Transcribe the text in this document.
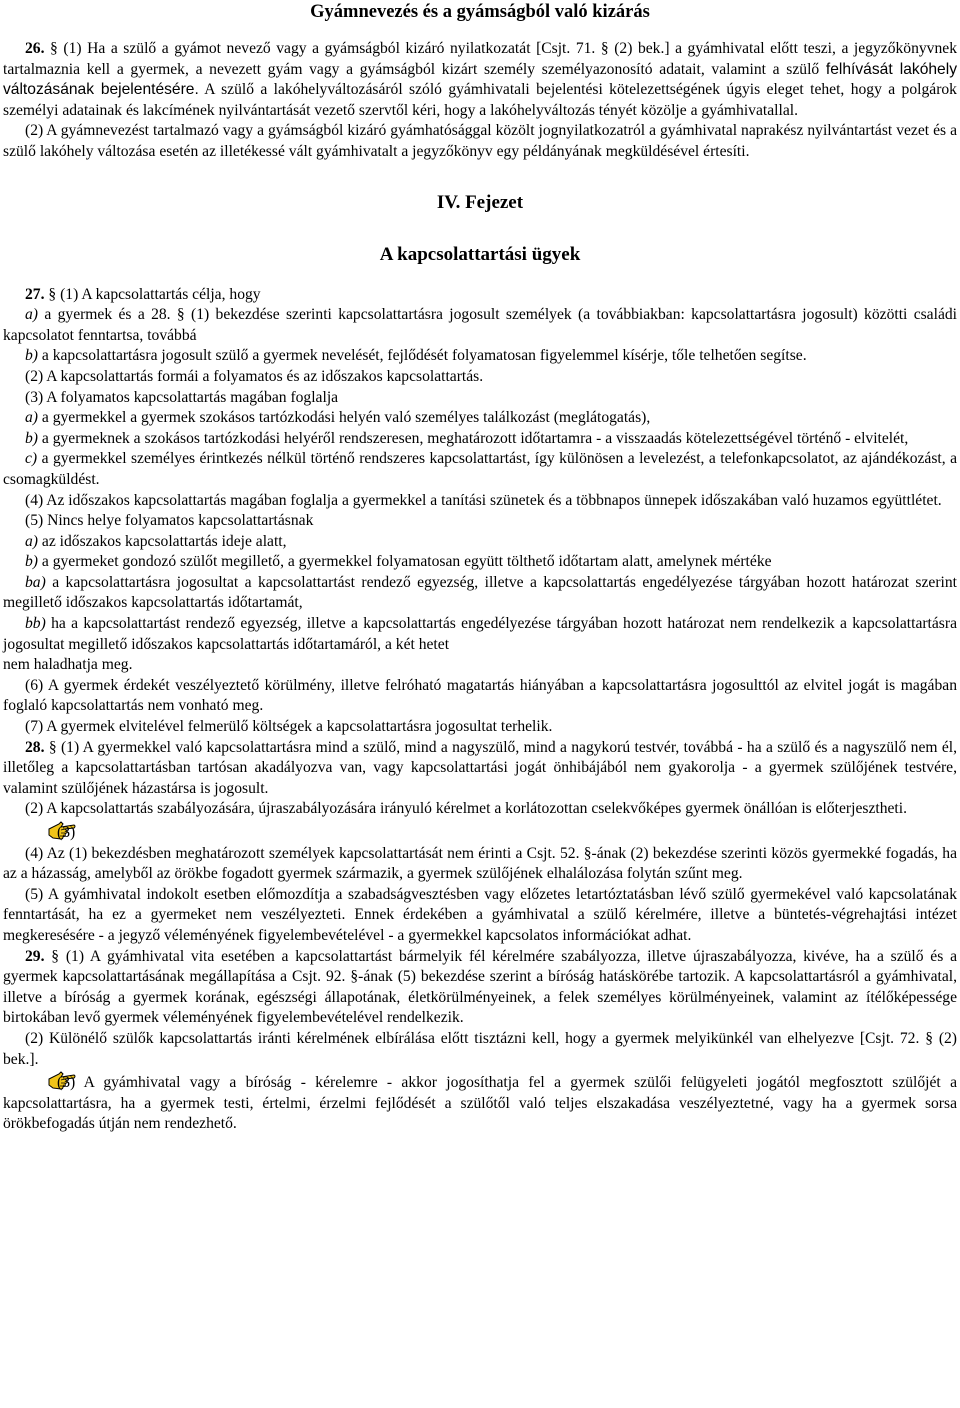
Gyámnevezés és a gyámságból való kizárás

26. § (1) Ha a szülő a gyámot nevező vagy a gyámságból kizáró nyilatkozatát [Csjt. 71. § (2) bek.] a gyámhivatal előtt teszi, a jegyzőkönyvnek tartalmaznia kell a gyermek, a nevezett gyám vagy a gyámságból kizárt személy személyazonosító adatait, valamint a szülő felhívását lakóhely változásának bejelentésére. A szülő a lakóhelyváltozásáról szóló gyámhivatali bejelentési kötelezettségének úgyis eleget tehet, hogy a polgárok személyi adatainak és lakcímének nyilvántartását vezető szervtől kéri, hogy a lakóhelyváltozás tényét közölje a gyámhivatallal.

(2) A gyámnevezést tartalmazó vagy a gyámságból kizáró gyámhatósággal közölt jognyilatkozatról a gyámhivatal naprakész nyilvántartást vezet és a szülő lakóhely változása esetén az illetékessé vált gyámhivatalt a jegyzőkönyv egy példányának megküldésével értesíti.

IV. Fejezet
A kapcsolattartási ügyek

27. § (1) A kapcsolattartás célja, hogy

a) a gyermek és a 28. § (1) bekezdése szerinti kapcsolattartásra jogosult személyek (a továbbiakban: kapcsolattartásra jogosult) közötti családi kapcsolatot fenntartsa, továbbá

b) a kapcsolattartásra jogosult szülő a gyermek nevelését, fejlődését folyamatosan figyelemmel kísérje, tőle telhetően segítse.

(2) A kapcsolattartás formái a folyamatos és az időszakos kapcsolattartás.

(3) A folyamatos kapcsolattartás magában foglalja

a) a gyermekkel a gyermek szokásos tartózkodási helyén való személyes találkozást (meglátogatás),

b) a gyermeknek a szokásos tartózkodási helyéről rendszeresen, meghatározott időtartamra - a visszaadás kötelezettségével történő - elvitelét,

c) a gyermekkel személyes érintkezés nélkül történő rendszeres kapcsolattartást, így különösen a levelezést, a telefonkapcsolatot, az ajándékozást, a csomagküldést.

(4) Az időszakos kapcsolattartás magában foglalja a gyermekkel a tanítási szünetek és a többnapos ünnepek időszakában való huzamos együttlétet.

(5) Nincs helye folyamatos kapcsolattartásnak

a) az időszakos kapcsolattartás ideje alatt,

b) a gyermeket gondozó szülőt megillető, a gyermekkel folyamatosan együtt tölthető időtartam alatt, amelynek mértéke

ba) a kapcsolattartásra jogosultat a kapcsolattartást rendező egyezség, illetve a kapcsolattartás engedélyezése tárgyában hozott határozat szerint megillető időszakos kapcsolattartás időtartamát,

bb) ha a kapcsolattartást rendező egyezség, illetve a kapcsolattartás engedélyezése tárgyában hozott határozat nem rendelkezik a kapcsolattartásra jogosultat megillető időszakos kapcsolattartás időtartamáról, a két hetet

nem haladhatja meg.

(6) A gyermek érdekét veszélyeztető körülmény, illetve felróható magatartás hiányában a kapcsolattartásra jogosulttól az elvitel jogát is magában foglaló kapcsolattartás nem vonható meg.

(7) A gyermek elvitelével felmerülő költségek a kapcsolattartásra jogosultat terhelik.

28. § (1) A gyermekkel való kapcsolattartásra mind a szülő, mind a nagyszülő, mind a nagykorú testvér, továbbá - ha a szülő és a nagyszülő nem él, illetőleg a kapcsolattartásban tartósan akadályozva van, vagy kapcsolattartási jogát önhibájából nem gyakorolja - a gyermek szülőjének testvére, valamint szülőjének házastársa is jogosult.

(2) A kapcsolattartás szabályozására, újraszabályozására irányuló kérelmet a korlátozottan cselekvőképes gyermek önállóan is előterjesztheti.

(3)

(4) Az (1) bekezdésben meghatározott személyek kapcsolattartását nem érinti a Csjt. 52. §-ának (2) bekezdése szerinti közös gyermekké fogadás, ha az a házasság, amelyből az örökbe fogadott gyermek származik, a gyermek szülőjének elhalálozása folytán szűnt meg.

(5) A gyámhivatal indokolt esetben előmozdítja a szabadságvesztésben vagy előzetes letartóztatásban lévő szülő gyermekével való kapcsolatának fenntartását, ha ez a gyermeket nem veszélyezteti. Ennek érdekében a gyámhivatal a szülő kérelmére, illetve a büntetés-végrehajtási intézet megkeresésére - a jegyző véleményének figyelembevételével - a gyermekkel kapcsolatos információkat adhat.

29. § (1) A gyámhivatal vita esetében a kapcsolattartást bármelyik fél kérelmére szabályozza, illetve újraszabályozza, kivéve, ha a szülő és a gyermek kapcsolattartásának megállapítása a Csjt. 92. §-ának (5) bekezdése szerint a bíróság hatáskörébe tartozik. A kapcsolattartásról a gyámhivatal, illetve a bíróság a gyermek korának, egészségi állapotának, életkörülményeinek, a felek személyes körülményeinek, valamint az ítélőképessége birtokában levő gyermek véleményének figyelembevételével rendelkezik.

(2) Különélő szülők kapcsolattartás iránti kérelmének elbírálása előtt tisztázni kell, hogy a gyermek melyikünkél van elhelyezve [Csjt. 72. § (2) bek.].

(3) A gyámhivatal vagy a bíróság - kérelemre - akkor jogosíthatja fel a gyermek szülői felügyeleti jogától megfosztott szülőjét a kapcsolattartásra, ha a gyermek testi, értelmi, érzelmi fejlődését a szülőtől való teljes elszakadása veszélyeztetné, vagy ha a gyermek sorsa örökbefogadás útján nem rendezhető.
